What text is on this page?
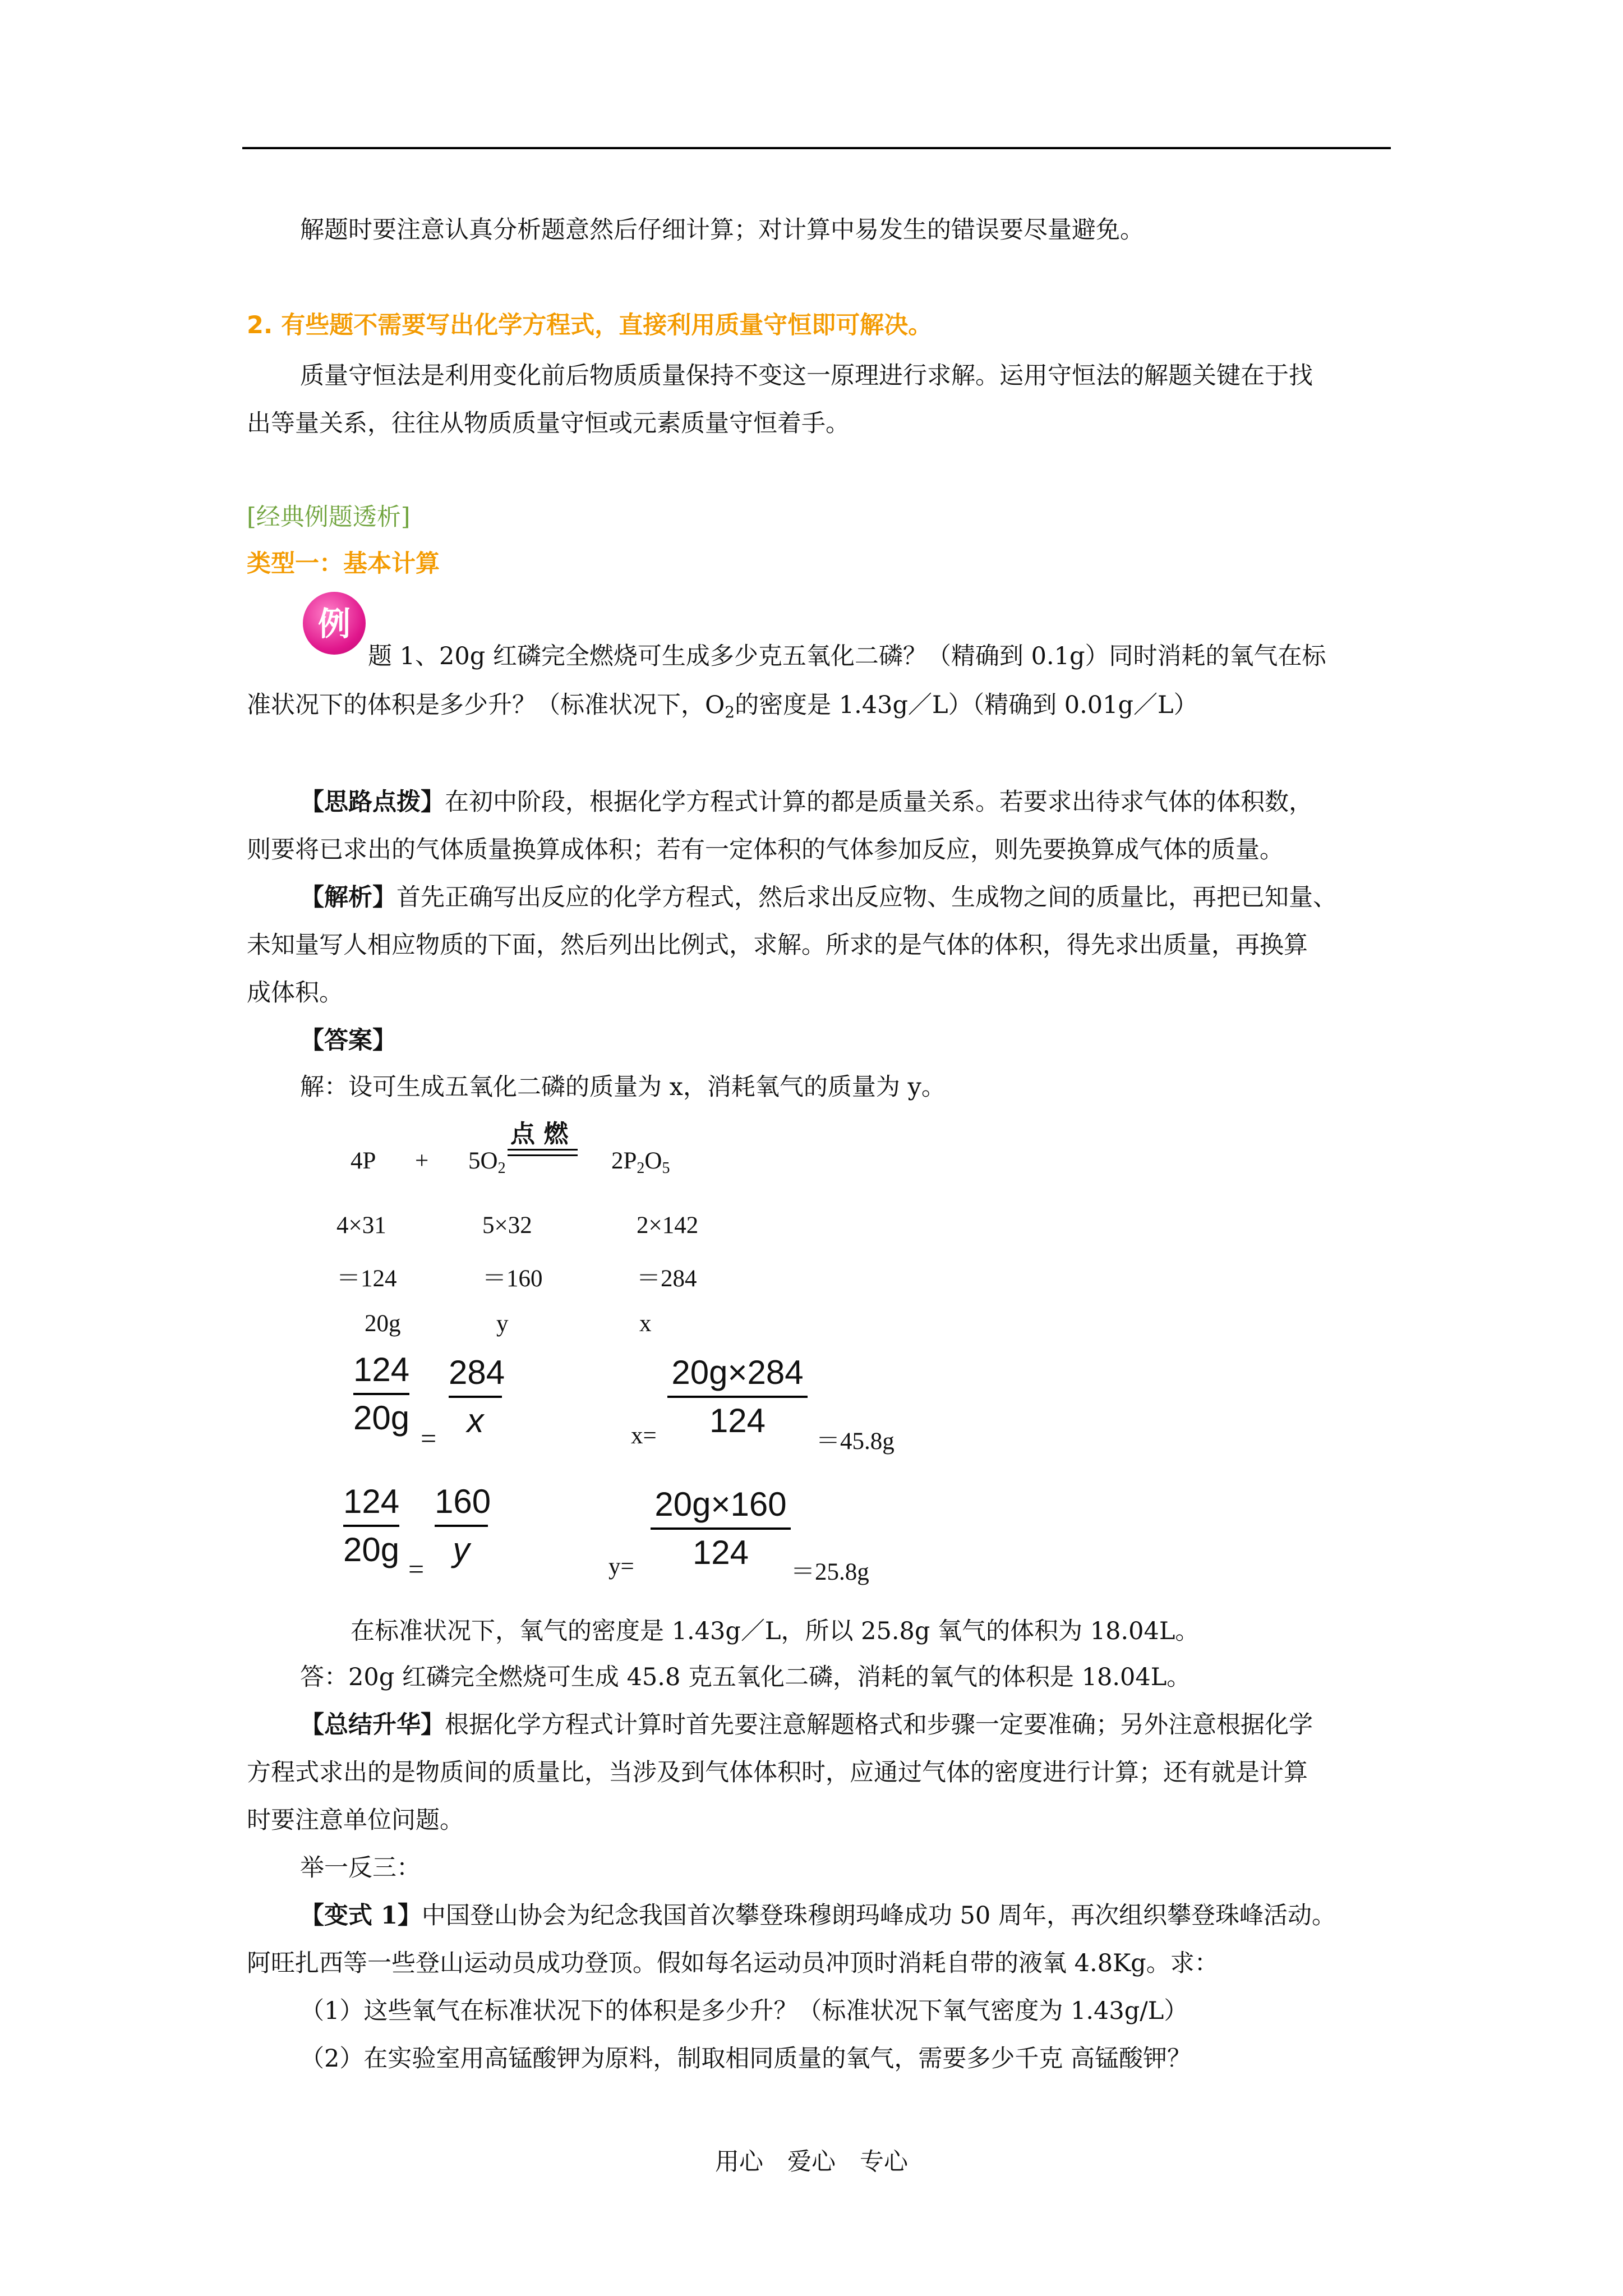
解题时要注意认真分析题意然后仔细计算；对计算中易发生的错误要尽量避免。
2. 有些题不需要写出化学方程式，直接利用质量守恒即可解决。
质量守恒法是利用变化前后物质质量保持不变这一原理进行求解。运用守恒法的解题关键在于找
出等量关系，往往从物质质量守恒或元素质量守恒着手。
[经典例题透析]
类型一：基本计算
例
题 1、20g 红磷完全燃烧可生成多少克五氧化二磷？（精确到 0.1g）同时消耗的氧气在标
准状况下的体积是多少升？（标准状况下，$O_2$的密度是 1.43g／L）（精确到 0.01g／L）
【思路点拨】在初中阶段，根据化学方程式计算的都是质量关系。若要求出待求气体的体积数，
则要将已求出的气体质量换算成体积；若有一定体积的气体参加反应，则先要换算成气体的质量。
【解析】首先正确写出反应的化学方程式，然后求出反应物、生成物之间的质量比，再把已知量、
未知量写人相应物质的下面，然后列出比例式，求解。所求的是气体的体积，得先求出质量，再换算
成体积。
【答案】
解：设可生成五氧化二磷的质量为 x，消耗氧气的质量为 y。
$4P + 5O_2$
点 燃
$2P_2O_5$
4×31	5×32	2×142
＝124	＝160	＝284
20g	y	x
124
20g
=
284
x	x=
20g×284
124
＝45.8g
124
20g
=
160
y	y=
20g×160
124
＝25.8g
在标准状况下，氧气的密度是 1.43g／L，所以 25.8g 氧气的体积为 18.04L。
答：20g 红磷完全燃烧可生成 45.8 克五氧化二磷，消耗的氧气的体积是 18.04L。
【总结升华】根据化学方程式计算时首先要注意解题格式和步骤一定要准确；另外注意根据化学
方程式求出的是物质间的质量比，当涉及到气体体积时，应通过气体的密度进行计算；还有就是计算
时要注意单位问题。
举一反三：
【变式 1】中国登山协会为纪念我国首次攀登珠穆朗玛峰成功 50 周年，再次组织攀登珠峰活动。
阿旺扎西等一些登山运动员成功登顶。假如每名运动员冲顶时消耗自带的液氧 4.8Kg。求：
（1）这些氧气在标准状况下的体积是多少升？（标准状况下氧气密度为 1.43g/L）
（2）在实验室用高锰酸钾为原料，制取相同质量的氧气，需要多少千克 高锰酸钾？
用心　爱心　专心
